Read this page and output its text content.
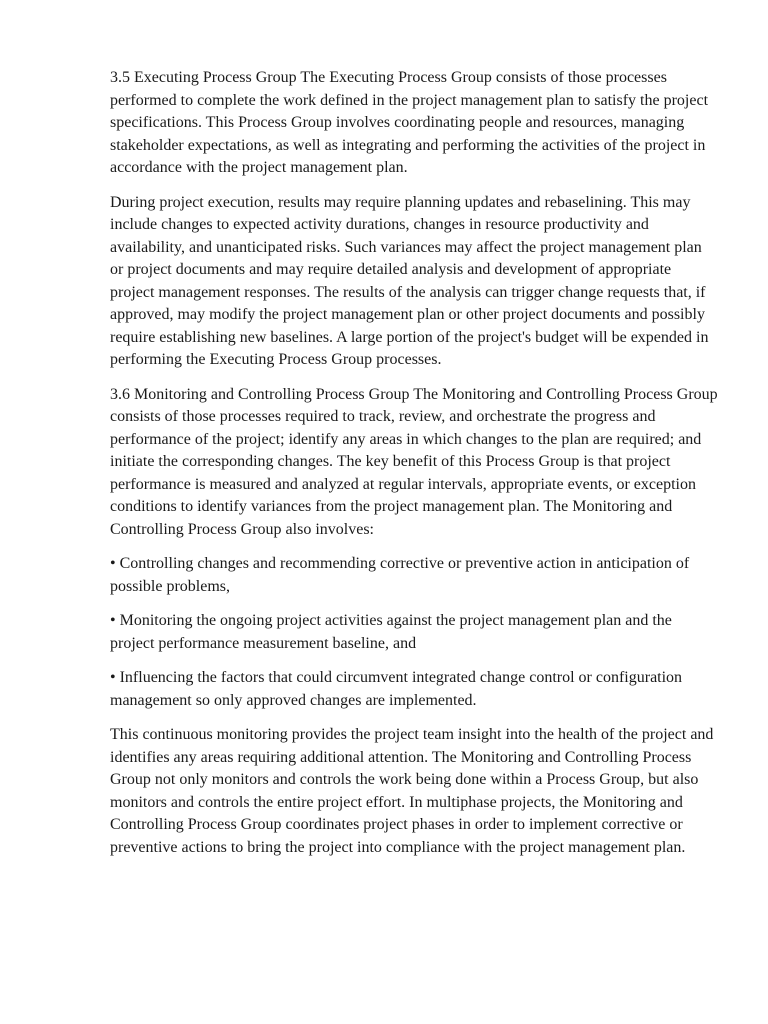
3.5 Executing Process Group The Executing Process Group consists of those processes performed to complete the work defined in the project management plan to satisfy the project specifications. This Process Group involves coordinating people and resources, managing stakeholder expectations, as well as integrating and performing the activities of the project in accordance with the project management plan.

During project execution, results may require planning updates and rebaselining. This may include changes to expected activity durations, changes in resource productivity and availability, and unanticipated risks. Such variances may affect the project management plan or project documents and may require detailed analysis and development of appropriate project management responses. The results of the analysis can trigger change requests that, if approved, may modify the project management plan or other project documents and possibly require establishing new baselines. A large portion of the project's budget will be expended in performing the Executing Process Group processes.

3.6 Monitoring and Controlling Process Group The Monitoring and Controlling Process Group consists of those processes required to track, review, and orchestrate the progress and performance of the project; identify any areas in which changes to the plan are required; and initiate the corresponding changes. The key benefit of this Process Group is that project performance is measured and analyzed at regular intervals, appropriate events, or exception conditions to identify variances from the project management plan. The Monitoring and Controlling Process Group also involves:

• Controlling changes and recommending corrective or preventive action in anticipation of possible problems,

• Monitoring the ongoing project activities against the project management plan and the project performance measurement baseline, and

• Influencing the factors that could circumvent integrated change control or configuration management so only approved changes are implemented.

This continuous monitoring provides the project team insight into the health of the project and identifies any areas requiring additional attention. The Monitoring and Controlling Process Group not only monitors and controls the work being done within a Process Group, but also monitors and controls the entire project effort. In multiphase projects, the Monitoring and Controlling Process Group coordinates project phases in order to implement corrective or preventive actions to bring the project into compliance with the project management plan.
